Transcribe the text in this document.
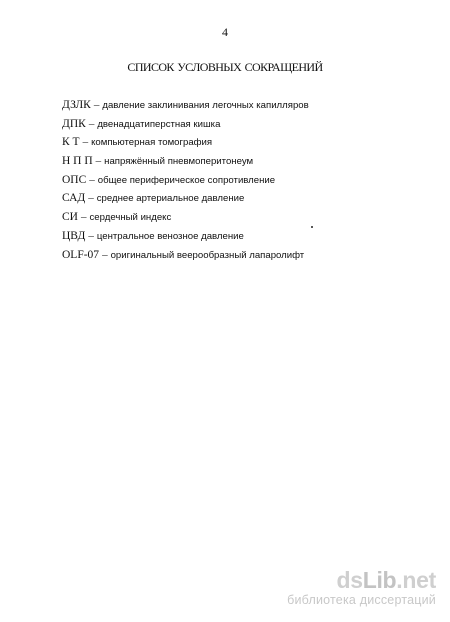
4
СПИСОК УСЛОВНЫХ СОКРАЩЕНИЙ
ДЗЛК – давление заклинивания легочных капилляров
ДПК – двенадцатиперстная кишка
К Т – компьютерная томография
Н П П – напряжённый пневмоперитонеум
ОПС – общее периферическое сопротивление
САД – среднее артериальное давление
СИ – сердечный индекс
ЦВД – центральное венозное давление
OLF-07 – оригинальный веерообразный лапаролифт
dsLib.net
библиотека диссертаций
